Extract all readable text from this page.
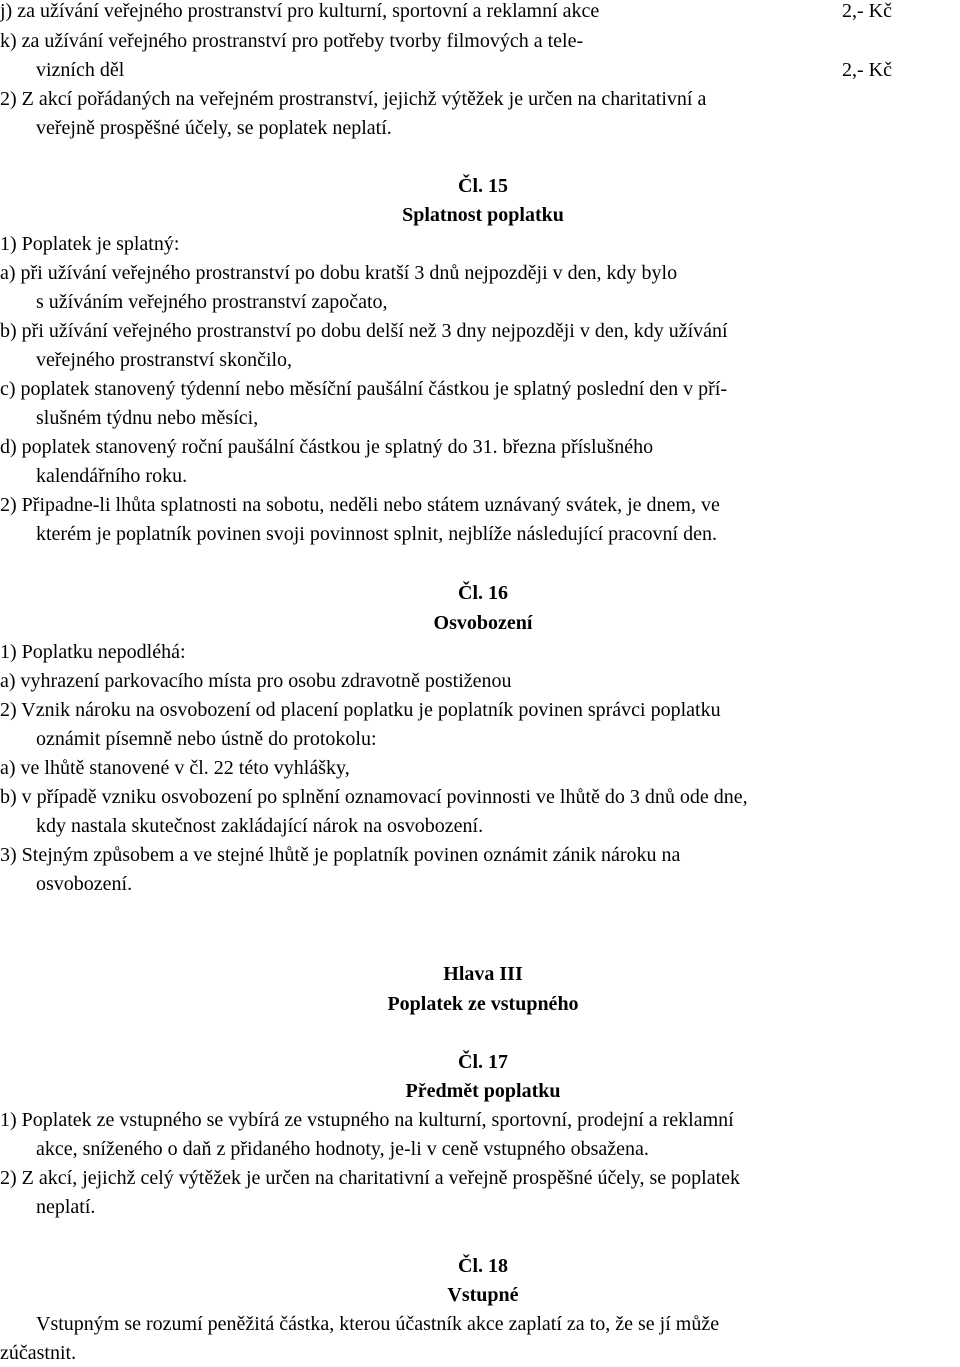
j) za užívání veřejného prostranství pro kulturní, sportovní a reklamní akce	2,- Kč
k) za užívání veřejného prostranství pro potřeby tvorby filmových a tele-
vizních děl	2,- Kč
2) Z akcí pořádaných na veřejném prostranství, jejichž výtěžek je určen na charitativní a
veřejně prospěšné účely, se poplatek neplatí.
Čl. 15
Splatnost poplatku
1) Poplatek je splatný:
a) při užívání veřejného prostranství po dobu kratší 3 dnů nejpozději v den, kdy bylo
s užíváním veřejného prostranství započato,
b) při užívání veřejného prostranství po dobu delší než 3 dny nejpozději v den, kdy užívání
veřejného prostranství skončilo,
c) poplatek stanovený týdenní nebo měsíční paušální částkou je splatný poslední den v pří-
slušném týdnu nebo měsíci,
d) poplatek stanovený roční paušální částkou je splatný do 31. března příslušného
kalendářního roku.
2) Připadne-li lhůta splatnosti na sobotu, neděli nebo státem uznávaný svátek, je dnem, ve
kterém je poplatník povinen svoji povinnost splnit, nejblíže následující pracovní den.
Čl. 16
Osvobození
1) Poplatku nepodléhá:
a) vyhrazení parkovacího místa pro osobu zdravotně postiženou
2) Vznik nároku na osvobození od placení poplatku je poplatník povinen správci poplatku
oznámit písemně nebo ústně do protokolu:
a) ve lhůtě stanovené v čl. 22 této vyhlášky,
b) v případě vzniku osvobození po splnění oznamovací povinnosti ve lhůtě do 3 dnů ode dne,
kdy nastala skutečnost zakládající nárok na osvobození.
3) Stejným způsobem a ve stejné lhůtě je poplatník povinen oznámit zánik nároku na
osvobození.
Hlava III
Poplatek ze vstupného
Čl. 17
Předmět poplatku
1) Poplatek ze vstupného se vybírá ze vstupného na kulturní, sportovní, prodejní a reklamní
akce, sníženého o daň z přidaného hodnoty, je-li v ceně vstupného obsažena.
2) Z akcí, jejichž celý výtěžek je určen na charitativní a veřejně prospěšné účely, se poplatek
neplatí.
Čl. 18
Vstupné
Vstupným se rozumí peněžitá částka, kterou účastník akce zaplatí za to, že se jí může
zúčastnit.
